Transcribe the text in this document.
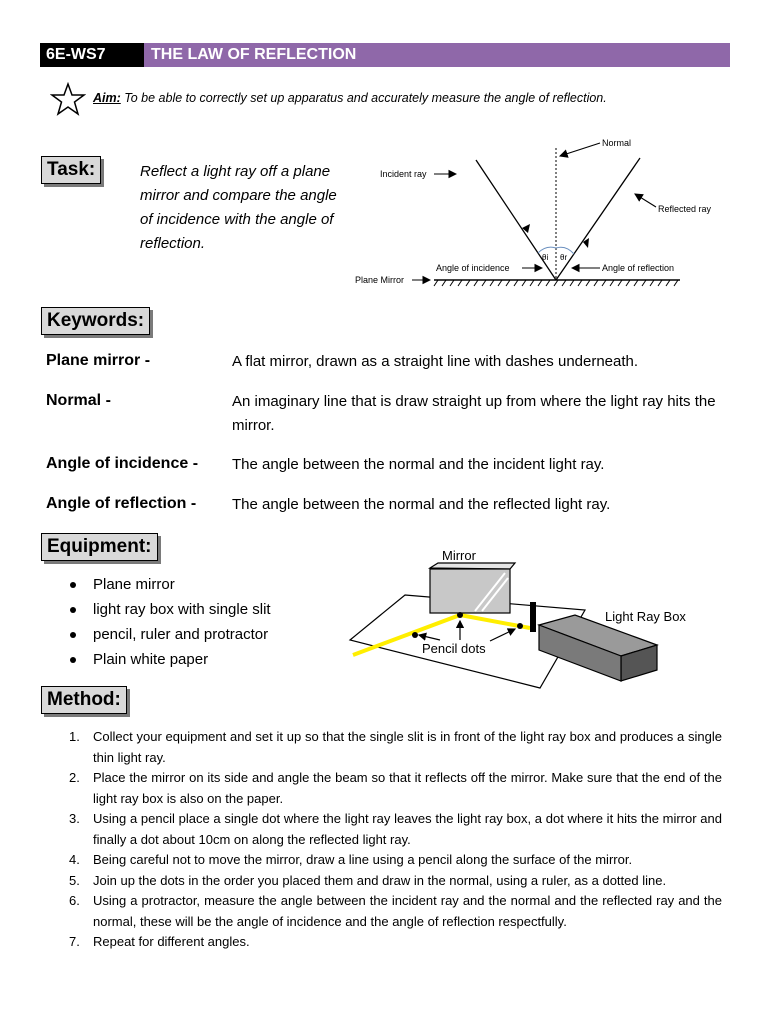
6E-WS7	THE LAW OF REFLECTION
Aim: To be able to correctly set up apparatus and accurately measure the angle of reflection.
Task:	Reflect a light ray off a plane mirror and compare the angle of incidence with the angle of reflection.
Normal
Incident ray
Reflected ray
θi θr
Angle of incidence	Angle of reflection
Plane Mirror
Keywords:
Plane mirror -	A flat mirror, drawn as a straight line with dashes underneath.
Normal -	An imaginary line that is draw straight up from where the light ray hits the mirror.
Angle of incidence - The angle between the normal and the incident light ray.
Angle of reflection - The angle between the normal and the reflected light ray.
Equipment:
Plane mirror
light ray box with single slit
pencil, ruler and protractor
Plain white paper
Mirror
Light Ray Box
Pencil dots
Method:
1. Collect your equipment and set it up so that the single slit is in front of the light ray box and produces a single thin light ray.
2. Place the mirror on its side and angle the beam so that it reflects off the mirror. Make sure that the end of the light ray box is also on the paper.
3. Using a pencil place a single dot where the light ray leaves the light ray box, a dot where it hits the mirror and finally a dot about 10cm on along the reflected light ray.
4. Being careful not to move the mirror, draw a line using a pencil along the surface of the mirror.
5. Join up the dots in the order you placed them and draw in the normal, using a ruler, as a dotted line.
6. Using a protractor, measure the angle between the incident ray and the normal and the reflected ray and the normal, these will be the angle of incidence and the angle of reflection respectfully.
7. Repeat for different angles.
